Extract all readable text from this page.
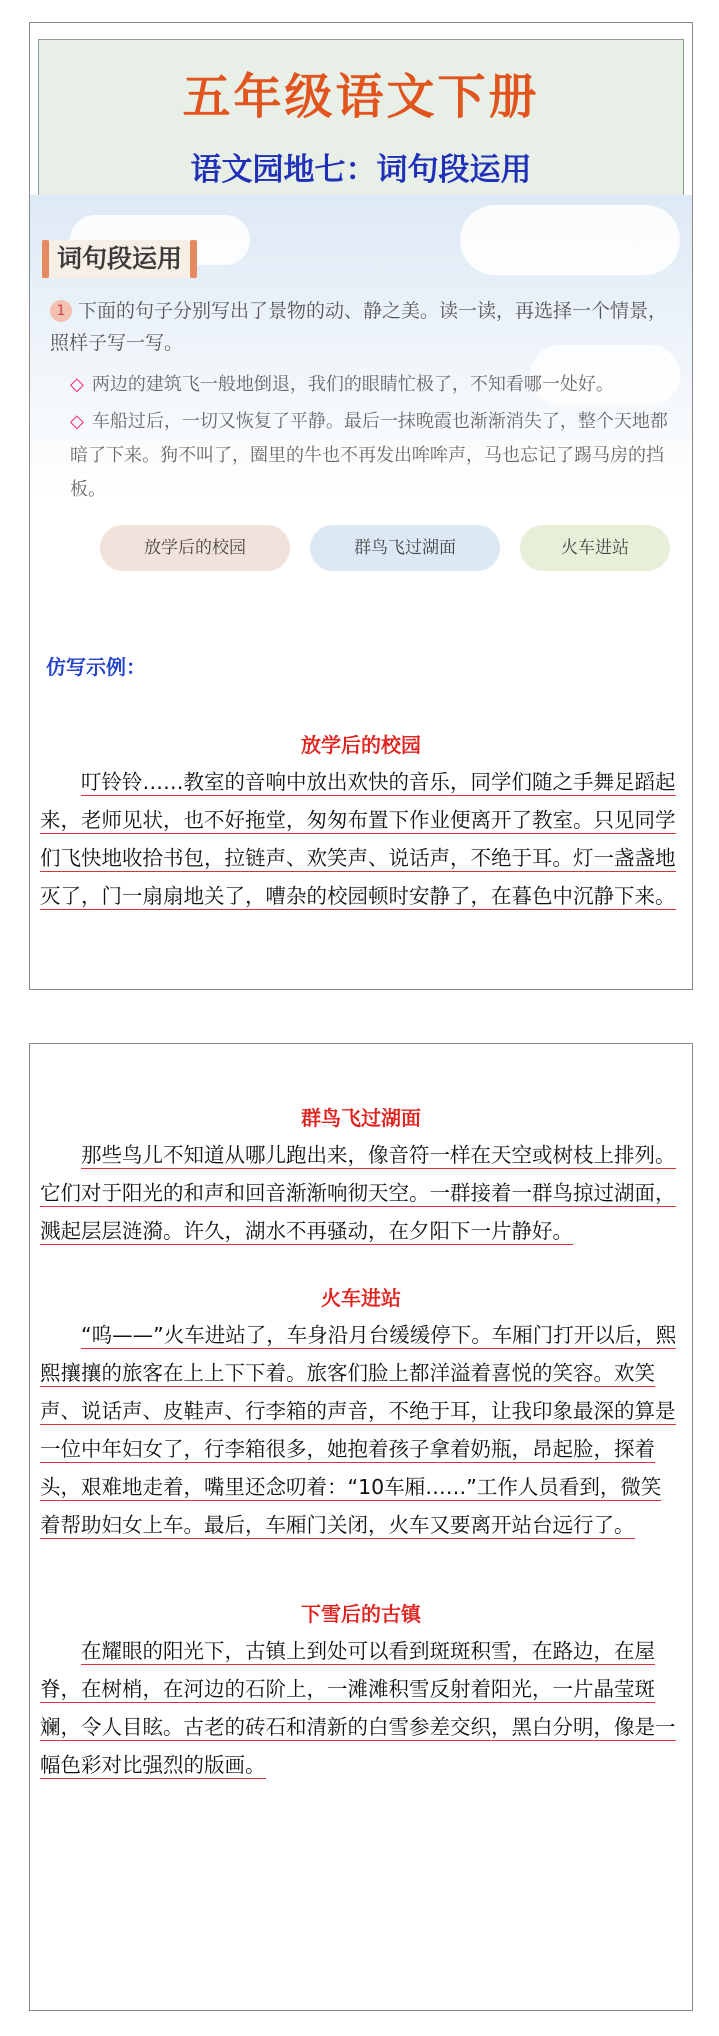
五年级语文下册
语文园地七：词句段运用
词句段运用
1 下面的句子分别写出了景物的动、静之美。读一读，再选择一个情景，照样子写一写。
◇ 两边的建筑飞一般地倒退，我们的眼睛忙极了，不知看哪一处好。
◇ 车船过后，一切又恢复了平静。最后一抹晚霞也渐渐消失了，整个天地都暗了下来。狗不叫了，圈里的牛也不再发出哞哞声，马也忘记了踢马房的挡板。
放学后的校园	群鸟飞过湖面	火车进站
仿写示例：
放学后的校园
叮铃铃……教室的音响中放出欢快的音乐，同学们随之手舞足蹈起来，老师见状，也不好拖堂，匆匆布置下作业便离开了教室。只见同学们飞快地收拾书包，拉链声、欢笑声、说话声，不绝于耳。灯一盏盏地灭了，门一扇扇地关了，嘈杂的校园顿时安静了，在暮色中沉静下来。
群鸟飞过湖面
那些鸟儿不知道从哪儿跑出来，像音符一样在天空或树枝上排列。它们对于阳光的和声和回音渐渐响彻天空。一群接着一群鸟掠过湖面，溅起层层涟漪。许久，湖水不再骚动，在夕阳下一片静好。
火车进站
“呜——”火车进站了，车身沿月台缓缓停下。车厢门打开以后，熙熙攘攘的旅客在上上下下着。旅客们脸上都洋溢着喜悦的笑容。欢笑声、说话声、皮鞋声、行李箱的声音，不绝于耳，让我印象最深的算是一位中年妇女了，行李箱很多，她抱着孩子拿着奶瓶，昂起脸，探着头，艰难地走着，嘴里还念叨着：“10车厢……”工作人员看到，微笑着帮助妇女上车。最后，车厢门关闭，火车又要离开站台远行了。
下雪后的古镇
在耀眼的阳光下，古镇上到处可以看到斑斑积雪，在路边，在屋脊，在树梢，在河边的石阶上，一滩滩积雪反射着阳光，一片晶莹斑斓，令人目眩。古老的砖石和清新的白雪参差交织，黑白分明，像是一幅色彩对比强烈的版画。
